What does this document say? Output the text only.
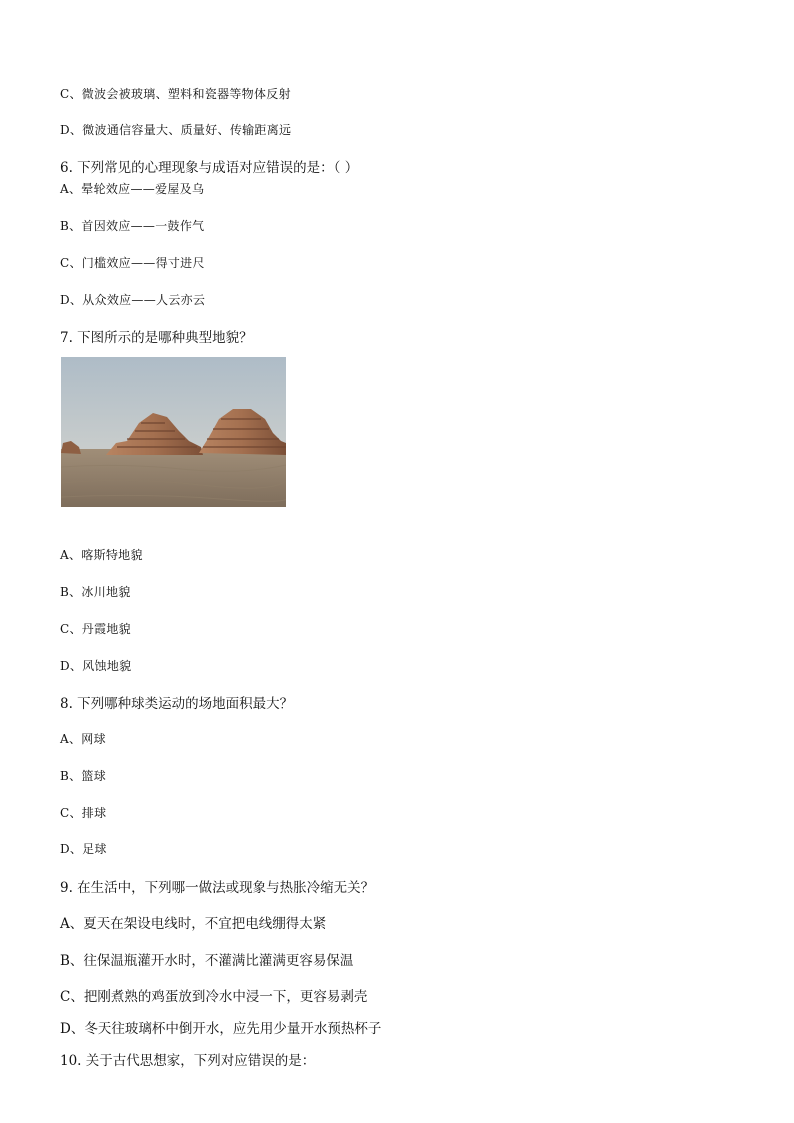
C、微波会被玻璃、塑料和瓷器等物体反射
D、微波通信容量大、质量好、传输距离远
6. 下列常见的心理现象与成语对应错误的是：（ ）
A、晕轮效应——爱屋及乌
B、首因效应——一鼓作气
C、门槛效应——得寸进尺
D、从众效应——人云亦云
7. 下图所示的是哪种典型地貌？
A、喀斯特地貌
B、冰川地貌
C、丹霞地貌
D、风蚀地貌
8. 下列哪种球类运动的场地面积最大？
A、网球
B、篮球
C、排球
D、足球
9. 在生活中，下列哪一做法或现象与热胀冷缩无关？
A、夏天在架设电线时，不宜把电线绷得太紧
B、往保温瓶灌开水时，不灌满比灌满更容易保温
C、把刚煮熟的鸡蛋放到冷水中浸一下，更容易剥壳
D、冬天往玻璃杯中倒开水，应先用少量开水预热杯子
10. 关于古代思想家，下列对应错误的是：
